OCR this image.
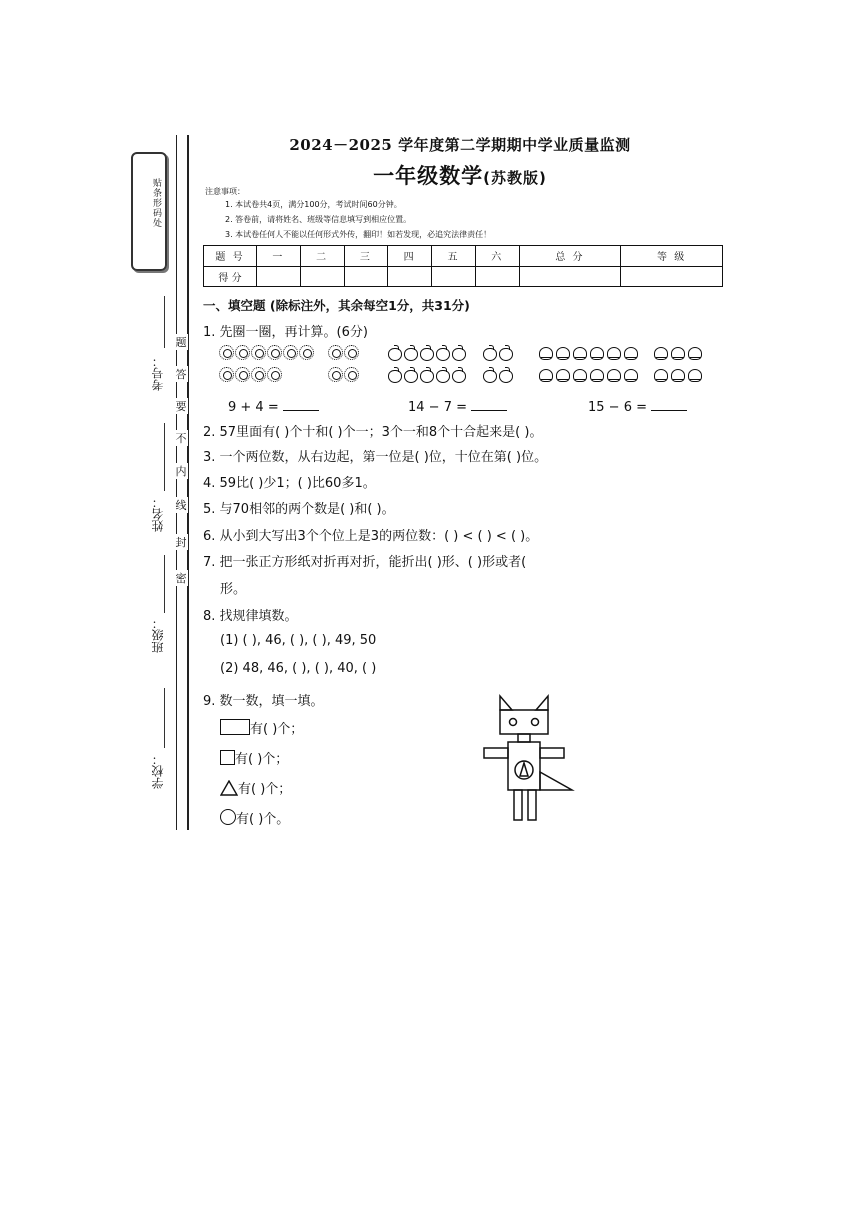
贴条形码处
考号：
姓名：
班级：
学校：
题
答
要
不
内
线
封
密
2024－2025 学年度第二学期期中学业质量监测
一年级数学(苏教版)
注意事项：
1. 本试卷共4页，满分100分，考试时间60分钟。
2. 答卷前，请将姓名、班级等信息填写到相应位置。
3. 本试卷任何人不能以任何形式外传，翻印！如若发现，必追究法律责任！
题 号	一	二	三	四	五	六	总 分	等 级
得 分								
一、填空题 (除标注外，其余每空1分，共31分)
1. 先圈一圈，再计算。(6分)
9 + 4 =	14 − 7 =	15 − 6 =
2. 57里面有( )个十和( )个一；3个一和8个十合起来是( )。
3. 一个两位数，从右边起，第一位是( )位，十位在第( )位。
4. 59比( )少1；( )比60多1。
5. 与70相邻的两个数是( )和( )。
6. 从小到大写出3个个位上是3的两位数：( ) < ( ) < ( )。
7. 把一张正方形纸对折再对折，能折出( )形、( )形或者(
形。
8. 找规律填数。
(1) ( ), 46, ( ), ( ), 49, 50
(2) 48, 46, ( ), ( ), 40, ( )
9. 数一数，填一填。
有( )个；
有( )个；
有( )个；
有( )个。
